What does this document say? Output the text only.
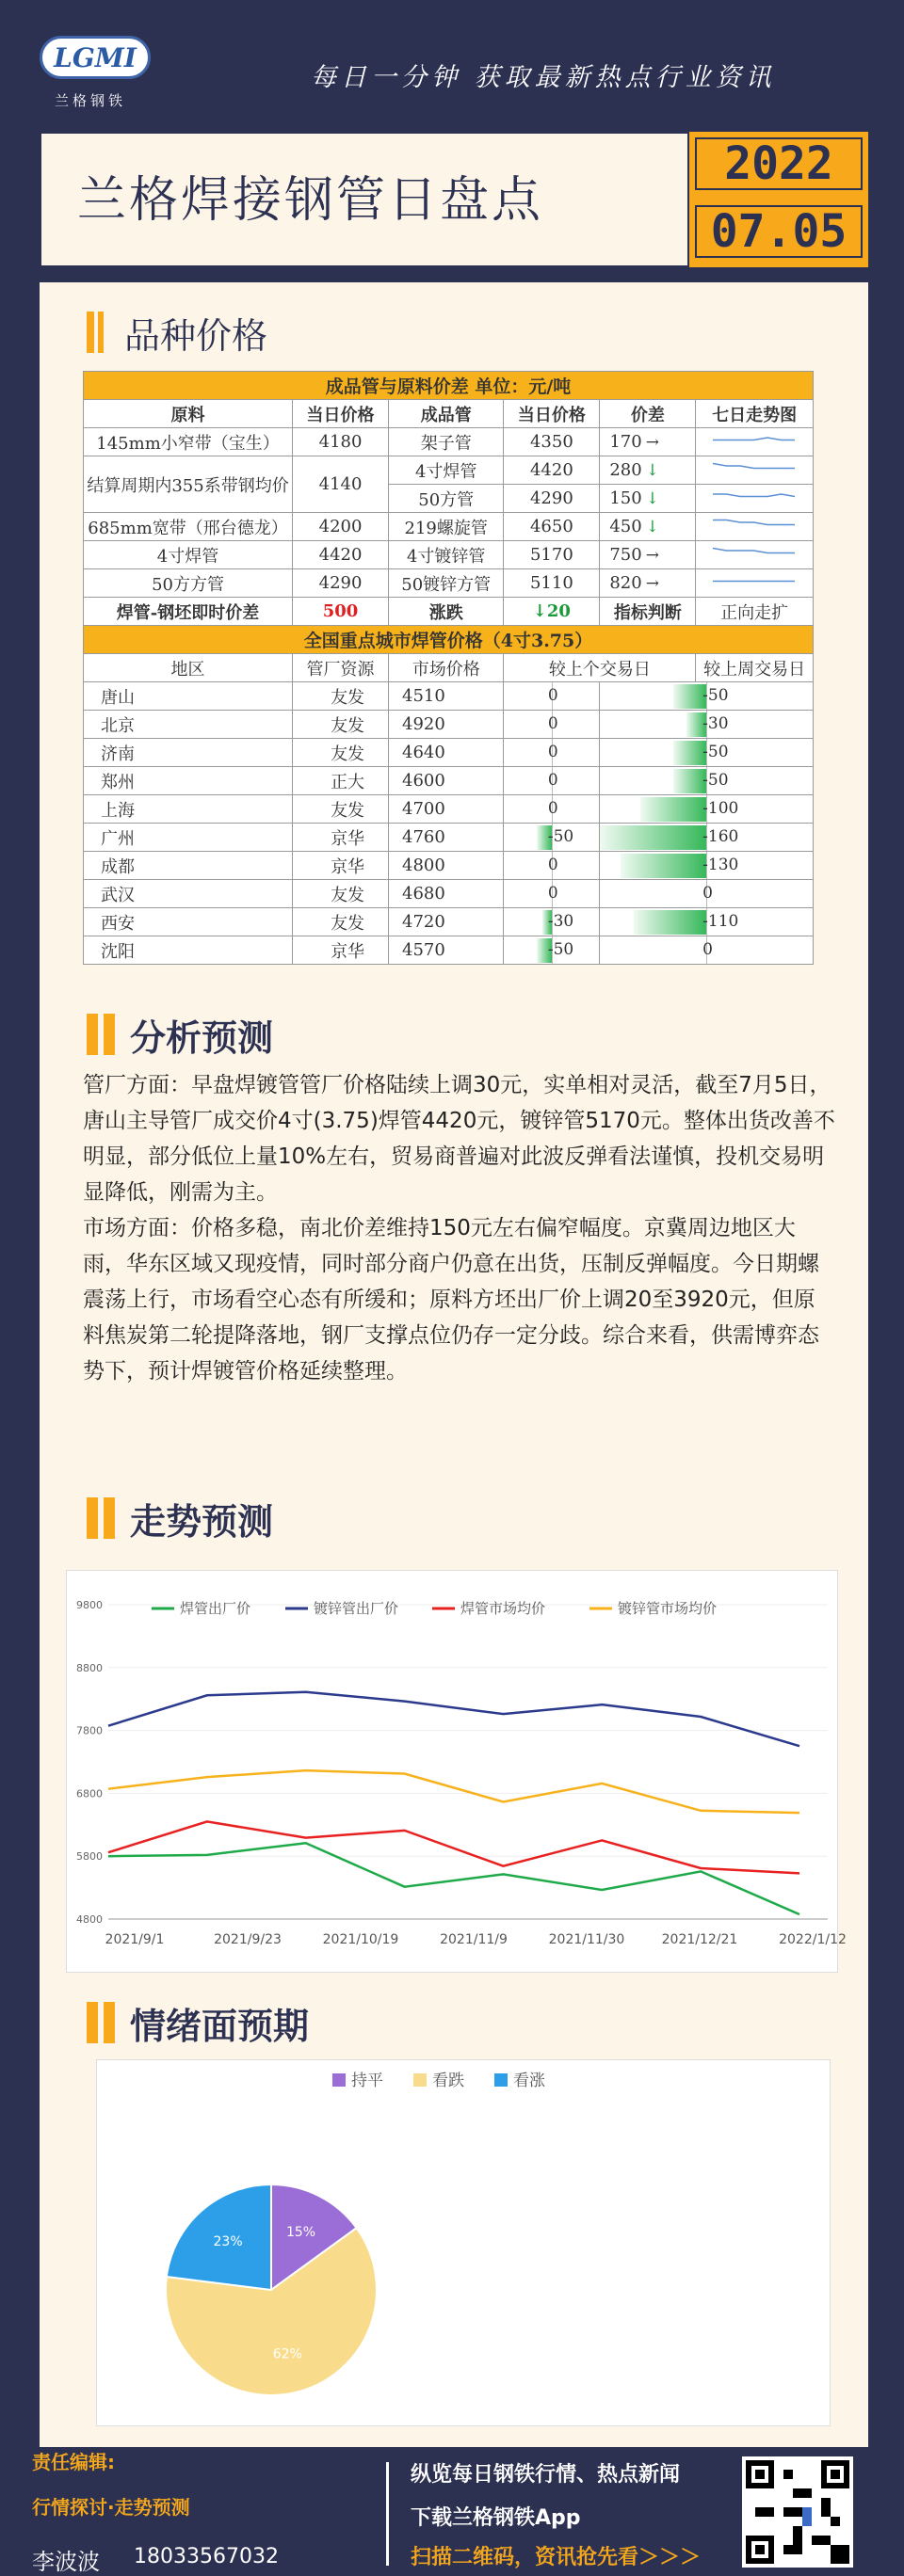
LGMI
兰格钢铁
每日一分钟 获取最新热点行业资讯
兰格焊接钢管日盘点
2022
07.05
品种价格
成品管与原料价差 单位：元/吨					
原料	当日价格	成品管	当日价格	价差	七日走势图
145mm小窄带（宝生）	4180	架子管	4350	170 →	
结算周期内355系带钢均价	4140	4寸焊管	4420	280 ↓	
		50方管	4290	150 ↓	
685mm宽带（邢台德龙）	4200	219螺旋管	4650	450 ↓	
4寸焊管	4420	4寸镀锌管	5170	750 →	
50方方管	4290	50镀锌方管	5110	820 →	
焊管-钢坯即时价差	500	涨跌	↓20	指标判断	正向走扩
全国重点城市焊管价格（4寸3.75）					
地区	管厂资源	市场价格	较上个交易日		较上周交易日
唐山	友发	4510	0	-50	

北京	友发	4920	0	-30	

济南	友发	4640	0	-50	

郑州	正大	4600	0	-50	

上海	友发	4700	0	-100	

广州	京华	4760	-50	-160	

成都	京华	4800	0	-130	

武汉	友发	4680	0	0	

西安	友发	4720	-30	-110	

沈阳	京华	4570	-50	0	
分析预测

管厂方面：早盘焊镀管管厂价格陆续上调30元，实单相对灵活，截至7月5日，唐山主导管厂成交价4寸(3.75)焊管4420元，镀锌管5170元。整体出货改善不明显，部分低位上量10%左右，贸易商普遍对此波反弹看法谨慎，投机交易明显降低，刚需为主。

市场方面：价格多稳，南北价差维持150元左右偏窄幅度。京冀周边地区大雨，华东区域又现疫情，同时部分商户仍意在出货，压制反弹幅度。今日期螺震荡上行，市场看空心态有所缓和；原料方坯出厂价上调20至3920元，但原料焦炭第二轮提降落地，钢厂支撑点位仍存一定分歧。综合来看，供需博弈态势下，预计焊镀管价格延续整理。

走势预测
4800
5800
6800
7800
8800
9800
2021/9/1	2021/9/23	2021/10/19	2021/11/9	2021/11/30	2021/12/21	2022/1/12
焊管出厂价	镀锌管出厂价	焊管市场均价	镀锌管市场均价
情绪面预期
持平	看跌	看涨
15%
62%
23%
责任编辑:
行情探讨·走势预测
李波波 18033567032
纵览每日钢铁行情、热点新闻
下载兰格钢铁App
扫描二维码，资讯抢先看＞＞＞
